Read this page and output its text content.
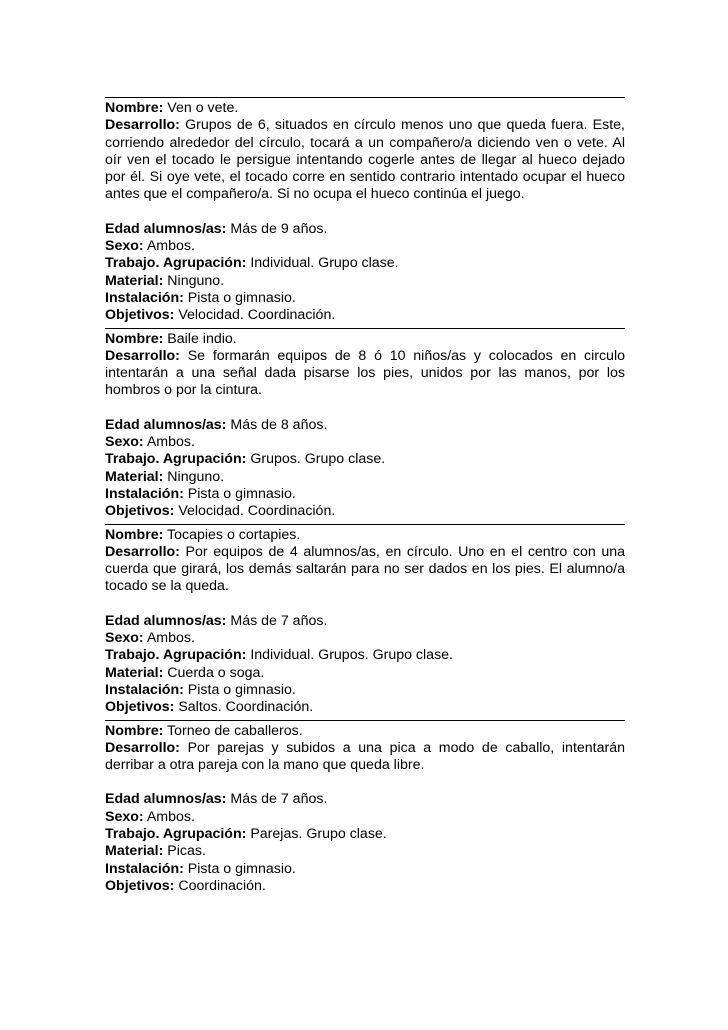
Nombre: Ven o vete.

Desarrollo: Grupos de 6, situados en círculo menos uno que queda fuera. Este, corriendo alrededor del círculo, tocará a un compañero/a diciendo ven o vete. Al oír ven el tocado le persigue intentando cogerle antes de llegar al hueco dejado por él. Si oye vete, el tocado corre en sentido contrario intentado ocupar el hueco antes que el compañero/a. Si no ocupa el hueco continúa el juego.

Edad alumnos/as: Más de 9 años.

Sexo: Ambos.

Trabajo. Agrupación: Individual. Grupo clase.

Material: Ninguno.

Instalación: Pista o gimnasio.

Objetivos: Velocidad. Coordinación.

Nombre: Baile indio.

Desarrollo: Se formarán equipos de 8 ó 10 niños/as y colocados en circulo intentarán a una señal dada pisarse los pies, unidos por las manos, por los hombros o por la cintura.

Edad alumnos/as: Más de 8 años.

Sexo: Ambos.

Trabajo. Agrupación: Grupos. Grupo clase.

Material: Ninguno.

Instalación: Pista o gimnasio.

Objetivos: Velocidad. Coordinación.

Nombre: Tocapies o cortapies.

Desarrollo: Por equipos de 4 alumnos/as, en círculo. Uno en el centro con una cuerda que girará, los demás saltarán para no ser dados en los pies. El alumno/a tocado se la queda.

Edad alumnos/as: Más de 7 años.

Sexo: Ambos.

Trabajo. Agrupación: Individual. Grupos. Grupo clase.

Material: Cuerda o soga.

Instalación: Pista o gimnasio.

Objetivos: Saltos. Coordinación.

Nombre: Torneo de caballeros.

Desarrollo: Por parejas y subidos a una pica a modo de caballo, intentarán derribar a otra pareja con la mano que queda libre.

Edad alumnos/as: Más de 7 años.

Sexo: Ambos.

Trabajo. Agrupación: Parejas. Grupo clase.

Material: Picas.

Instalación: Pista o gimnasio.

Objetivos: Coordinación.
